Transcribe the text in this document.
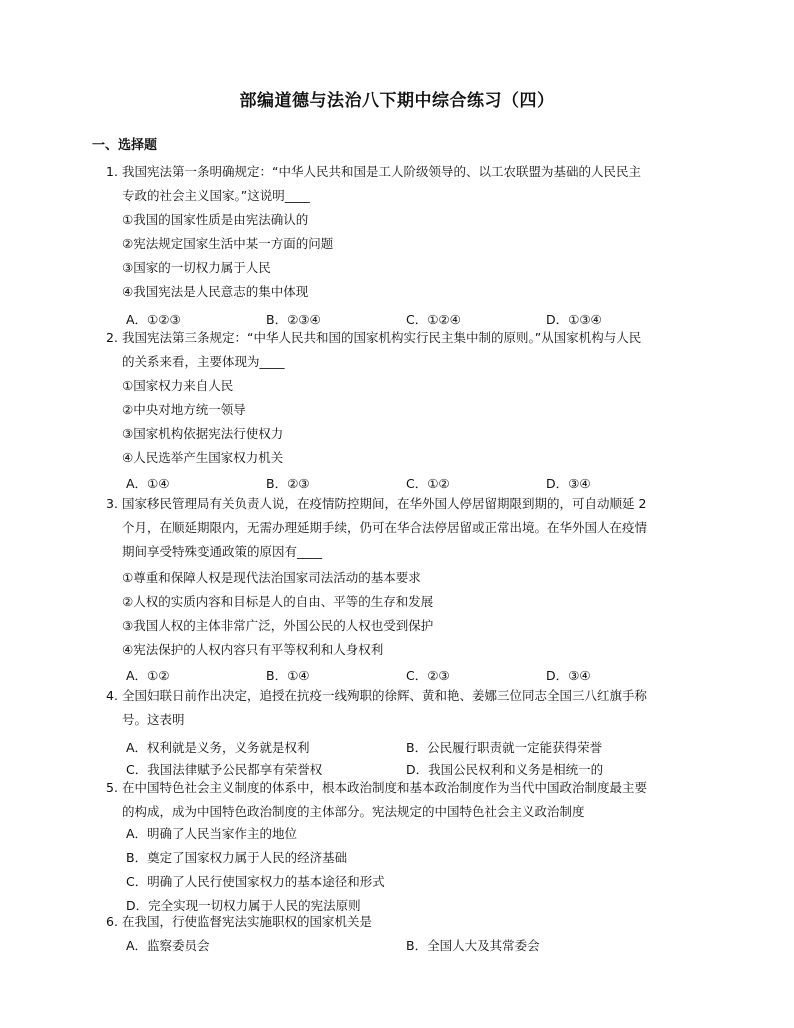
部编道德与法治八下期中综合练习（四）
一、选择题
1. 我国宪法第一条明确规定：“中华人民共和国是工人阶级领导的、以工农联盟为基础的人民民主
专政的社会主义国家。”这说明____
①我国的国家性质是由宪法确认的
②宪法规定国家生活中某一方面的问题
③国家的一切权力属于人民
④我国宪法是人民意志的集中体现
A．①②③	B．②③④	C．①②④	D．①③④
2. 我国宪法第三条规定：“中华人民共和国的国家机构实行民主集中制的原则。”从国家机构与人民
的关系来看，主要体现为____
①国家权力来自人民
②中央对地方统一领导
③国家机构依据宪法行使权力
④人民选举产生国家权力机关
A．①④	B．②③	C．①②	D．③④
3. 国家移民管理局有关负责人说，在疫情防控期间，在华外国人停居留期限到期的，可自动顺延 2
个月，在顺延期限内，无需办理延期手续，仍可在华合法停居留或正常出境。在华外国人在疫情
期间享受特殊变通政策的原因有____
①尊重和保障人权是现代法治国家司法活动的基本要求
②人权的实质内容和目标是人的自由、平等的生存和发展
③我国人权的主体非常广泛，外国公民的人权也受到保护
④宪法保护的人权内容只有平等权利和人身权利
A．①②	B．①④	C．②③	D．③④
4. 全国妇联日前作出决定，追授在抗疫一线殉职的徐辉、黄和艳、姜娜三位同志全国三八红旗手称
号。这表明
A．权利就是义务，义务就是权利	B．公民履行职责就一定能获得荣誉
C．我国法律赋予公民都享有荣誉权	D．我国公民权利和义务是相统一的
5. 在中国特色社会主义制度的体系中，根本政治制度和基本政治制度作为当代中国政治制度最主要
的构成，成为中国特色政治制度的主体部分。宪法规定的中国特色社会主义政治制度
A．明确了人民当家作主的地位
B．奠定了国家权力属于人民的经济基础
C．明确了人民行使国家权力的基本途径和形式
D．完全实现一切权力属于人民的宪法原则
6. 在我国，行使监督宪法实施职权的国家机关是
A．监察委员会	B．全国人大及其常委会
